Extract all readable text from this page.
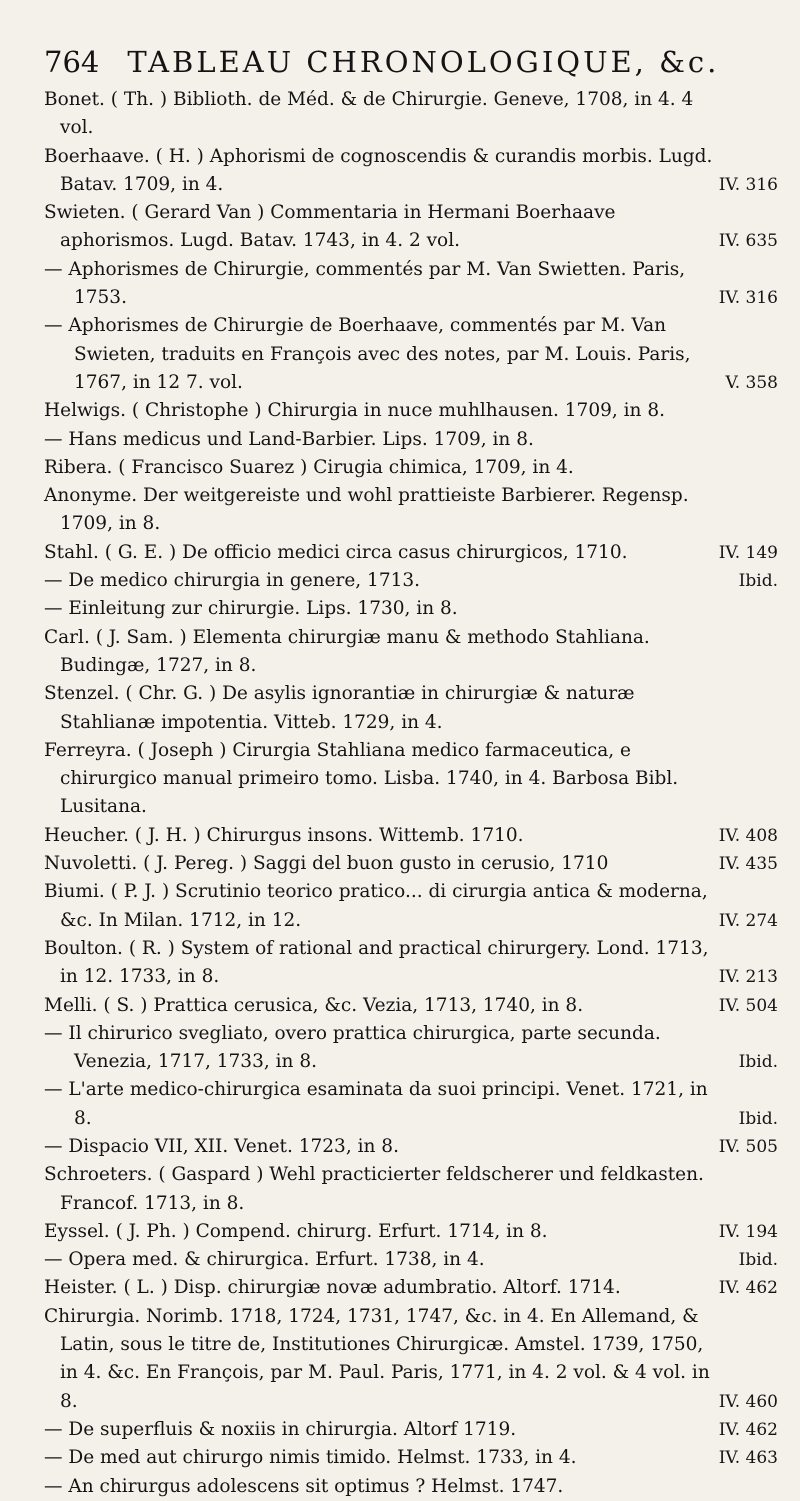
764 TABLEAU CHRONOLOGIQUE, &c.
Bonet. ( Th. ) Biblioth. de Méd. & de Chirurgie. Geneve, 1708, in 4. 4 vol.
Boerhaave. ( H. ) Aphorismi de cognoscendis & curandis morbis. Lugd. Batav. 1709, in 4.	IV. 316
Swieten. ( Gerard Van ) Commentaria in Hermani Boerhaave aphorismos. Lugd. Batav. 1743, in 4. 2 vol.	IV. 635
— Aphorismes de Chirurgie, commentés par M. Van Swietten. Paris, 1753.	IV. 316
— Aphorismes de Chirurgie de Boerhaave, commentés par M. Van Swieten, traduits en François avec des notes, par M. Louis. Paris, 1767, in 12 7. vol.	V. 358
Helwigs. ( Christophe ) Chirurgia in nuce muhlhausen. 1709, in 8.
— Hans medicus und Land-Barbier. Lips. 1709, in 8.
Ribera. ( Francisco Suarez ) Cirugia chimica, 1709, in 4.
Anonyme. Der weitgereiste und wohl prattieiste Barbierer. Regensp. 1709, in 8.
Stahl. ( G. E. ) De officio medici circa casus chirurgicos, 1710.	IV. 149
— De medico chirurgia in genere, 1713.	Ibid.
— Einleitung zur chirurgie. Lips. 1730, in 8.
Carl. ( J. Sam. ) Elementa chirurgiæ manu & methodo Stahliana. Budingæ, 1727, in 8.
Stenzel. ( Chr. G. ) De asylis ignorantiæ in chirurgiæ & naturæ Stahlianæ impotentia. Vitteb. 1729, in 4.
Ferreyra. ( Joseph ) Cirurgia Stahliana medico farmaceutica, e chirurgico manual primeiro tomo. Lisba. 1740, in 4. Barbosa Bibl. Lusitana.
Heucher. ( J. H. ) Chirurgus insons. Wittemb. 1710.	IV. 408
Nuvoletti. ( J. Pereg. ) Saggi del buon gusto in cerusio, 1710	IV. 435
Biumi. ( P. J. ) Scrutinio teorico pratico... di cirurgia antica & moderna, &c. In Milan. 1712, in 12.	IV. 274
Boulton. ( R. ) System of rational and practical chirurgery. Lond. 1713, in 12. 1733, in 8.	IV. 213
Melli. ( S. ) Prattica cerusica, &c. Vezia, 1713, 1740, in 8.	IV. 504
— Il chirurico svegliato, overo prattica chirurgica, parte secunda. Venezia, 1717, 1733, in 8.	Ibid.
— L'arte medico-chirurgica esaminata da suoi principi. Venet. 1721, in 8.	Ibid.
— Dispacio VII, XII. Venet. 1723, in 8.	IV. 505
Schroeters. ( Gaspard ) Wehl practicierter feldscherer und feldkasten. Francof. 1713, in 8.
Eyssel. ( J. Ph. ) Compend. chirurg. Erfurt. 1714, in 8.	IV. 194
— Opera med. & chirurgica. Erfurt. 1738, in 4.	Ibid.
Heister. ( L. ) Disp. chirurgiæ novæ adumbratio. Altorf. 1714.	IV. 462
Chirurgia. Norimb. 1718, 1724, 1731, 1747, &c. in 4. En Allemand, & Latin, sous le titre de, Institutiones Chirurgicæ. Amstel. 1739, 1750, in 4. &c. En François, par M. Paul. Paris, 1771, in 4. 2 vol. & 4 vol. in 8.	IV. 460
— De superfluis & noxiis in chirurgia. Altorf 1719.	IV. 462
— De med aut chirurgo nimis timido. Helmst. 1733, in 4.	IV. 463
— An chirurgus adolescens sit optimus ? Helmst. 1747.
